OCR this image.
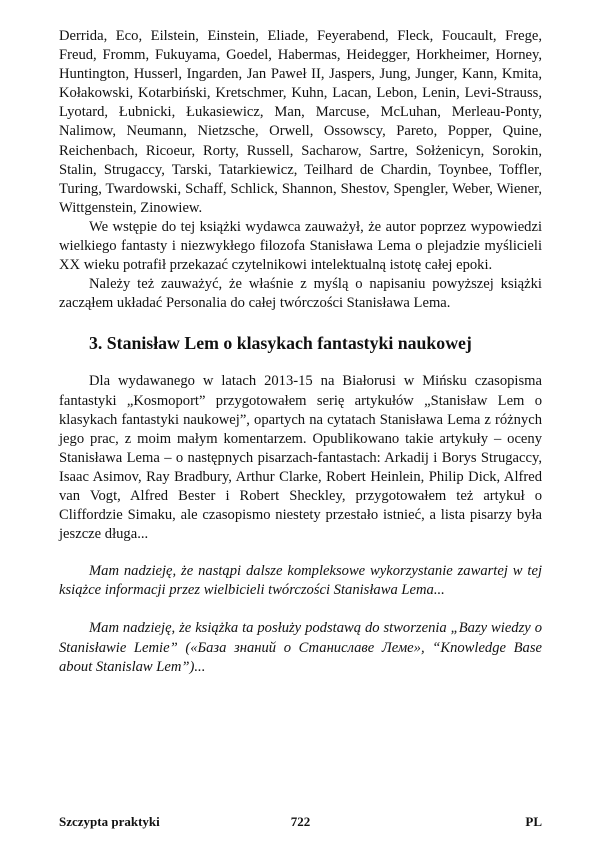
Derrida, Eco, Eilstein, Einstein, Eliade, Feyerabend, Fleck, Foucault, Frege, Freud, Fromm, Fukuyama, Goedel, Habermas, Heidegger, Horkheimer, Horney, Huntington, Husserl, Ingarden, Jan Paweł II, Jaspers, Jung, Junger, Kann, Kmita, Kołakowski, Kotarbiński, Kretschmer, Kuhn, Lacan, Lebon, Lenin, Levi-Strauss, Lyotard, Łubnicki, Łukasiewicz, Man, Marcuse, McLuhan, Merleau-Ponty, Nalimow, Neumann, Nietzsche, Orwell, Ossowscy, Pareto, Popper, Quine, Reichenbach, Ricoeur, Rorty, Russell, Sacharow, Sartre, Sołżenicyn, Sorokin, Stalin, Strugaccy, Tarski, Tatarkiewicz, Teilhard de Chardin, Toynbee, Toffler, Turing, Twardowski, Schaff, Schlick, Shannon, Shestov, Spengler, Weber, Wiener, Wittgenstein, Zinowiew.

We wstępie do tej książki wydawca zauważył, że autor poprzez wypowiedzi wielkiego fantasty i niezwykłego filozofa Stanisława Lema o plejadzie myślicieli XX wieku potrafił przekazać czytelnikowi intelektualną istotę całej epoki.

Należy też zauważyć, że właśnie z myślą o napisaniu powyższej książki zacząłem układać Personalia do całej twórczości Stanisława Lema.

3. Stanisław Lem o klasykach fantastyki naukowej

Dla wydawanego w latach 2013-15 na Białorusi w Mińsku czasopisma fantastyki „Kosmoport” przygotowałem serię artykułów „Stanisław Lem o klasykach fantastyki naukowej”, opartych na cytatach Stanisława Lema z różnych jego prac, z moim małym komentarzem. Opublikowano takie artykuły – oceny Stanisława Lema – o następnych pisarzach-fantastach: Arkadij i Borys Strugaccy, Isaac Asimov, Ray Bradbury, Arthur Clarke, Robert Heinlein, Philip Dick, Alfred van Vogt, Alfred Bester i Robert Sheckley, przygotowałem też artykuł o Cliffordzie Simaku, ale czasopismo niestety przestało istnieć, a lista pisarzy była jeszcze długa...

Mam nadzieję, że nastąpi dalsze kompleksowe wykorzystanie zawartej w tej książce informacji przez wielbicieli twórczości Stanisława Lema...

Mam nadzieję, że książka ta posłuży podstawą do stworzenia „Bazy wiedzy o Stanisławie Lemie” («База знаний о Станиславе Леме», “Knowledge Base about Stanislaw Lem”)...

Szczypta praktyki	722	PL
